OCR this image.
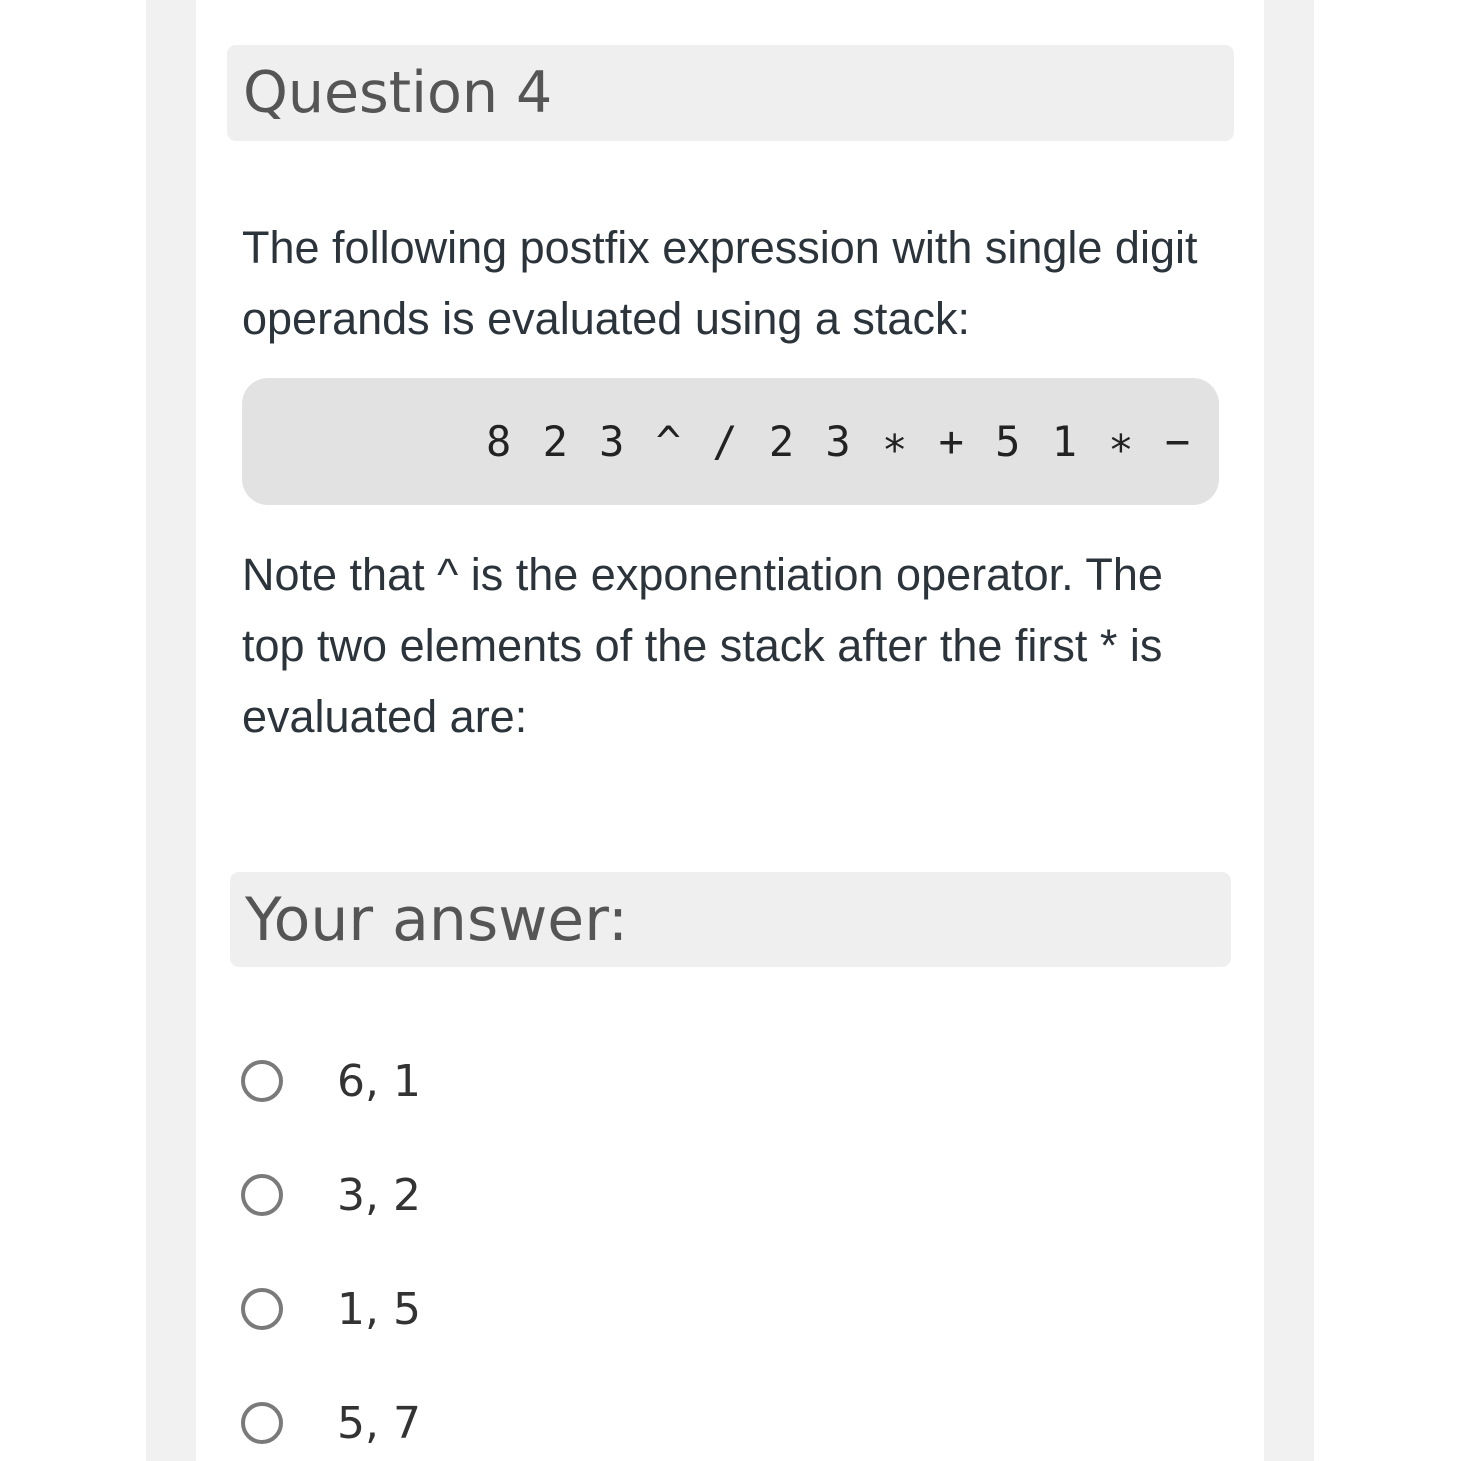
Question 4

The following postfix expression with single digit operands is evaluated using a stack:

8 2 3 ^ / 2 3 ∗ + 5 1 ∗ −

Note that ^ is the exponentiation operator. The top two elements of the stack after the first * is evaluated are:

Your answer:
6, 1
3, 2
1, 5
5, 7
